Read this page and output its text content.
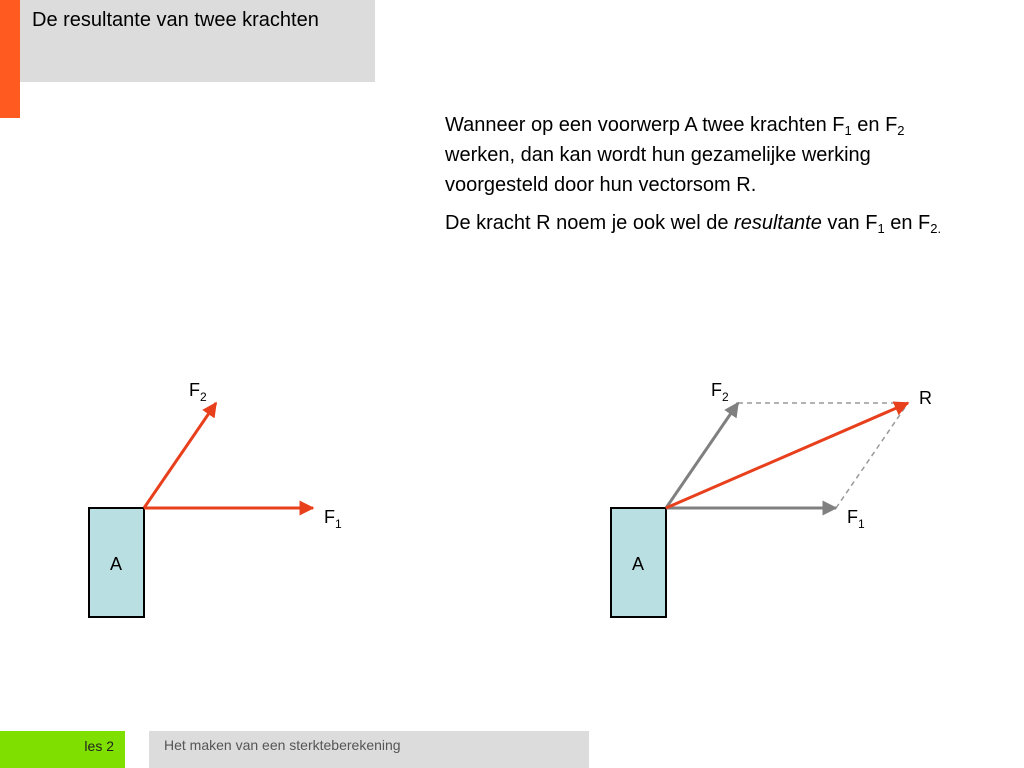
De resultante van twee krachten

Wanneer op een voorwerp A twee krachten $F_1$ en $F_2$ werken, dan kan wordt hun gezamelijke werking voorgesteld door hun vectorsom R.

De kracht R noem je ook wel de resultante van $F_1$ en $F_{2.}$

A
$F_1$
$F_2$
A
$F_1$
$F_2$	R
les 2	Het maken van een sterkteberekening
